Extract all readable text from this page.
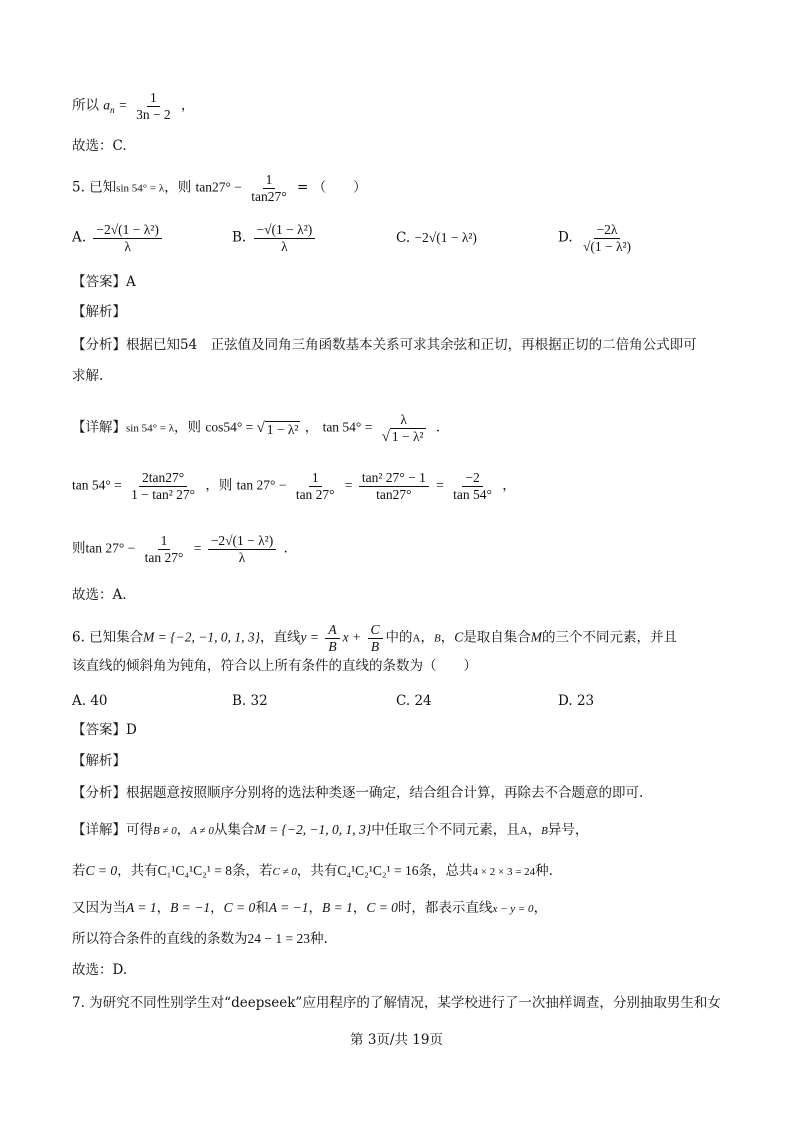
所以 $a_n = \frac{1}{3n - 2}$ ，
故选：C.
5. 已知sin 54° = λ，则 $\tan 27^\circ - \frac{1}{\tan 27^\circ}$ = （　　）
A. $\frac{\text{−2√(1 − λ²)}}{\lambda}$	B. $\frac{\text{−√(1 − λ²)}}{\lambda}$	C. −2√(1 − λ²)	D. $\frac{-2\lambda}{\text{√(1 − λ²)}}$
【答案】A
【解析】
【分析】根据已知54　正弦值及同角三角函数基本关系可求其余弦和正切，再根据正切的二倍角公式即可
求解.
【详解】sin 54° = λ，则 cos54° = √ 1 − λ² ， $\tan 54^\circ = \frac{\lambda}{\text{√ 1 − λ²}}$ .
$\tan 54^\circ = \frac{2\tan 27^\circ}{\text{1 − tan² 27°}}$ ，则 $\tan 27^\circ - \frac{1}{\tan 27^\circ} = \frac{\text{tan² 27° − 1}}{\tan 27^\circ} = \frac{-2}{\tan 54^\circ}$ ，
则$\tan 27^\circ - \frac{1}{\tan 27^\circ} = \frac{\text{−2√(1 − λ²)}}{\lambda}$ .
故选：A.
6. 已知集合M = {−2, −1, 0, 1, 3}，直线$y = \frac{A}{B}$ $x + \frac{C}{B}$ 中的A，B，C是取自集合M的三个不同元素，并且
该直线的倾斜角为钝角，符合以上所有条件的直线的条数为（　　）
A. 40	B. 32	C. 24	D. 23
【答案】D
【解析】
【分析】根据题意按照顺序分别将的选法种类逐一确定，结合组合计算，再除去不合题意的即可.
【详解】可得B ≠ 0，A ≠ 0从集合M = {−2, −1, 0, 1, 3}中任取三个不同元素，且A，B异号，
若C = 0，共有C₁¹C₄¹C₂¹ = 8条，若C ≠ 0，共有C₄¹C₂¹C₂¹ = 16条，总共4 × 2 × 3 = 24种.
又因为当A = 1，B = −1，C = 0和A = −1，B = 1，C = 0时，都表示直线x − y = 0，
所以符合条件的直线的条数为24 − 1 = 23种.
故选：D.
7. 为研究不同性别学生对“deepseek”应用程序的了解情况，某学校进行了一次抽样调查，分别抽取男生和女
第 3页/共 19页
